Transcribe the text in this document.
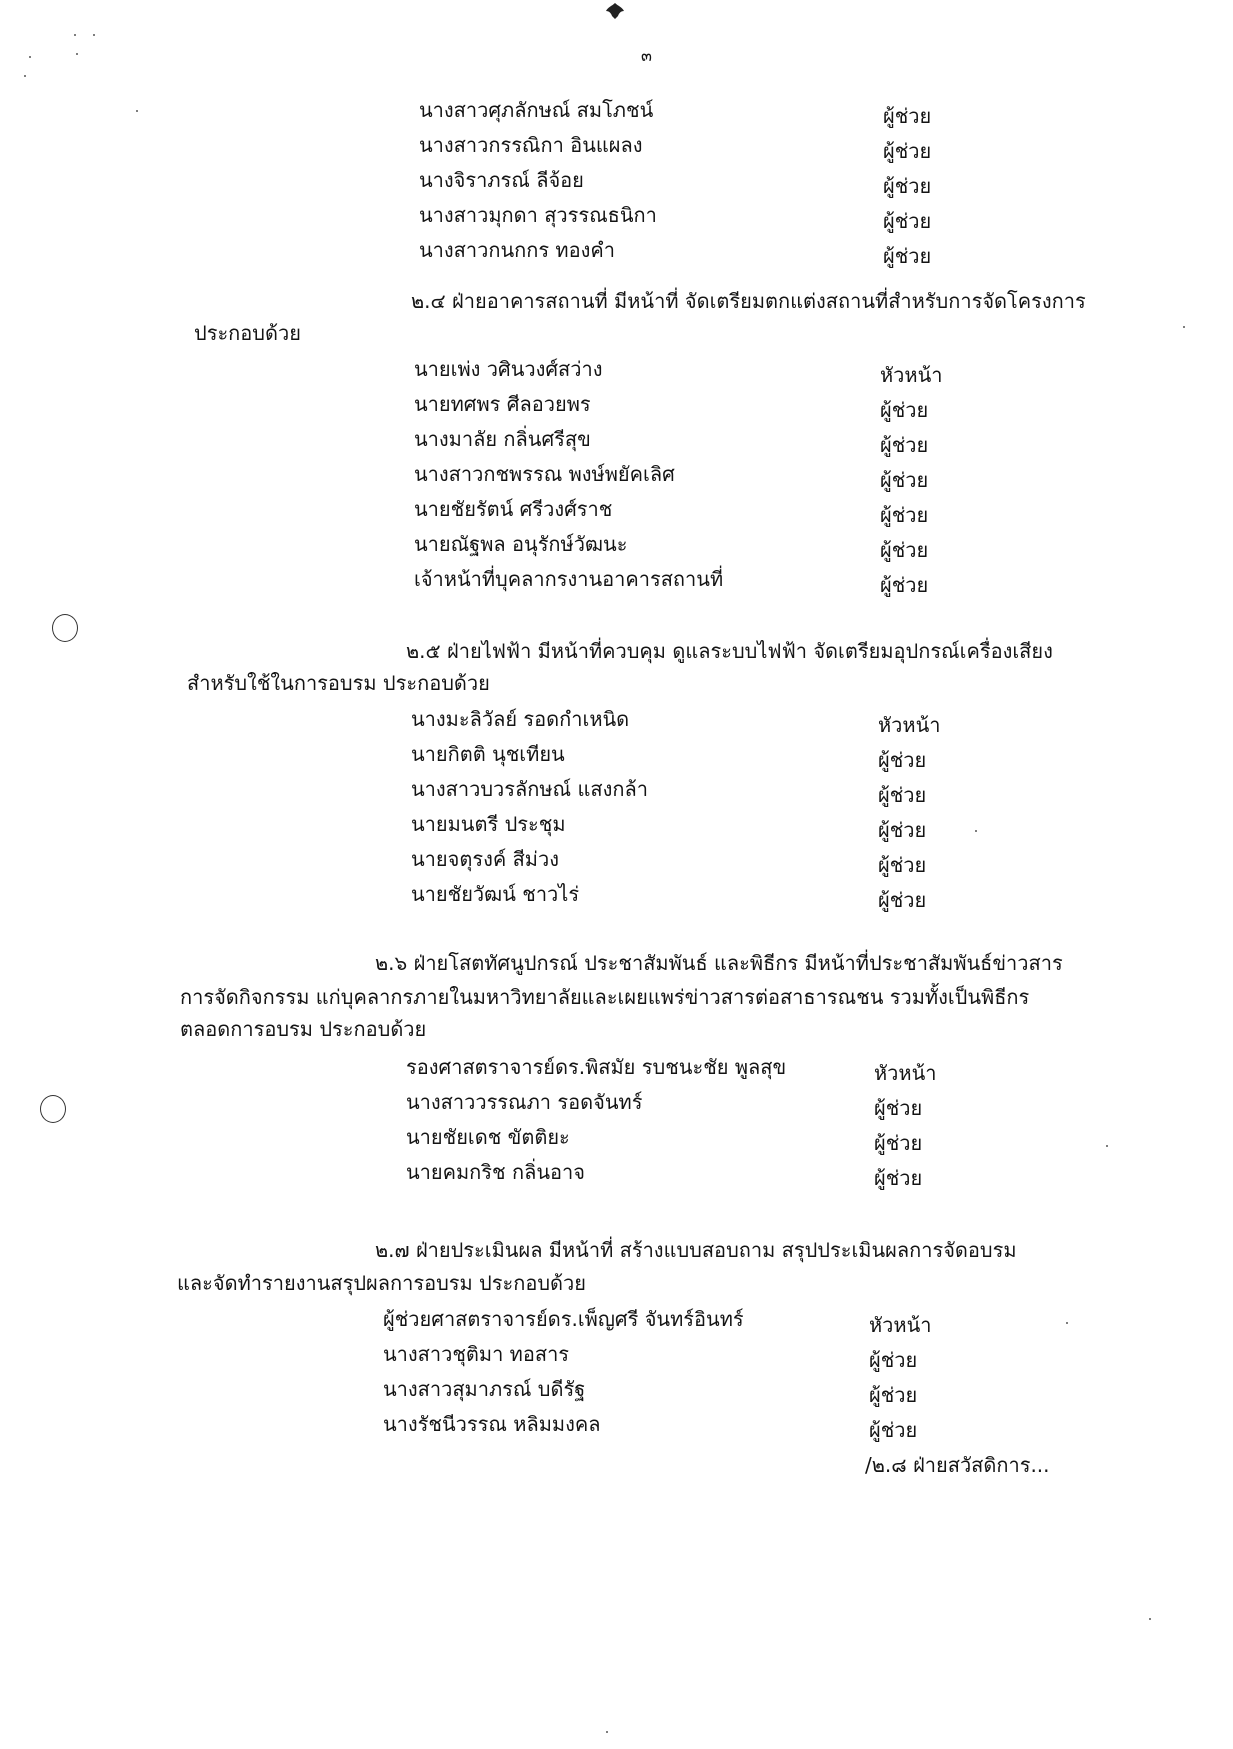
๓
นางสาวศุภลักษณ์ สมโภชน์	ผู้ช่วย
นางสาวกรรณิกา อินแผลง	ผู้ช่วย
นางจิราภรณ์ ลีจ้อย	ผู้ช่วย
นางสาวมุกดา สุวรรณธนิกา	ผู้ช่วย
นางสาวกนกกร ทองคำ	ผู้ช่วย
๒.๔ ฝ่ายอาคารสถานที่ มีหน้าที่ จัดเตรียมตกแต่งสถานที่สำหรับการจัดโครงการ
ประกอบด้วย
นายเพ่ง วศินวงศ์สว่าง	หัวหน้า
นายทศพร ศีลอวยพร	ผู้ช่วย
นางมาลัย กลิ่นศรีสุข	ผู้ช่วย
นางสาวกชพรรณ พงษ์พยัคเลิศ	ผู้ช่วย
นายชัยรัตน์ ศรีวงศ์ราช	ผู้ช่วย
นายณัฐพล อนุรักษ์วัฒนะ	ผู้ช่วย
เจ้าหน้าที่บุคลากรงานอาคารสถานที่	ผู้ช่วย
๒.๕ ฝ่ายไฟฟ้า มีหน้าที่ควบคุม ดูแลระบบไฟฟ้า จัดเตรียมอุปกรณ์เครื่องเสียง
สำหรับใช้ในการอบรม ประกอบด้วย
นางมะลิวัลย์ รอดกำเหนิด	หัวหน้า
นายกิตติ นุชเทียน	ผู้ช่วย
นางสาวบวรลักษณ์ แสงกล้า	ผู้ช่วย
นายมนตรี ประชุม	ผู้ช่วย
นายจตุรงค์ สีม่วง	ผู้ช่วย
นายชัยวัฒน์ ชาวไร่	ผู้ช่วย
๒.๖ ฝ่ายโสตทัศนูปกรณ์ ประชาสัมพันธ์ และพิธีกร มีหน้าที่ประชาสัมพันธ์ข่าวสาร
การจัดกิจกรรม แก่บุคลากรภายในมหาวิทยาลัยและเผยแพร่ข่าวสารต่อสาธารณชน รวมทั้งเป็นพิธีกร
ตลอดการอบรม ประกอบด้วย
รองศาสตราจารย์ดร.พิสมัย รบชนะชัย พูลสุข	หัวหน้า
นางสาววรรณภา รอดจันทร์	ผู้ช่วย
นายชัยเดช ขัตติยะ	ผู้ช่วย
นายคมกริช กลิ่นอาจ	ผู้ช่วย
๒.๗ ฝ่ายประเมินผล มีหน้าที่ สร้างแบบสอบถาม สรุปประเมินผลการจัดอบรม
และจัดทำรายงานสรุปผลการอบรม ประกอบด้วย
ผู้ช่วยศาสตราจารย์ดร.เพ็ญศรี จันทร์อินทร์	หัวหน้า
นางสาวชุติมา ทอสาร	ผู้ช่วย
นางสาวสุมาภรณ์ บดีรัฐ	ผู้ช่วย
นางรัชนีวรรณ หลิมมงคล	ผู้ช่วย
/๒.๘ ฝ่ายสวัสดิการ...
